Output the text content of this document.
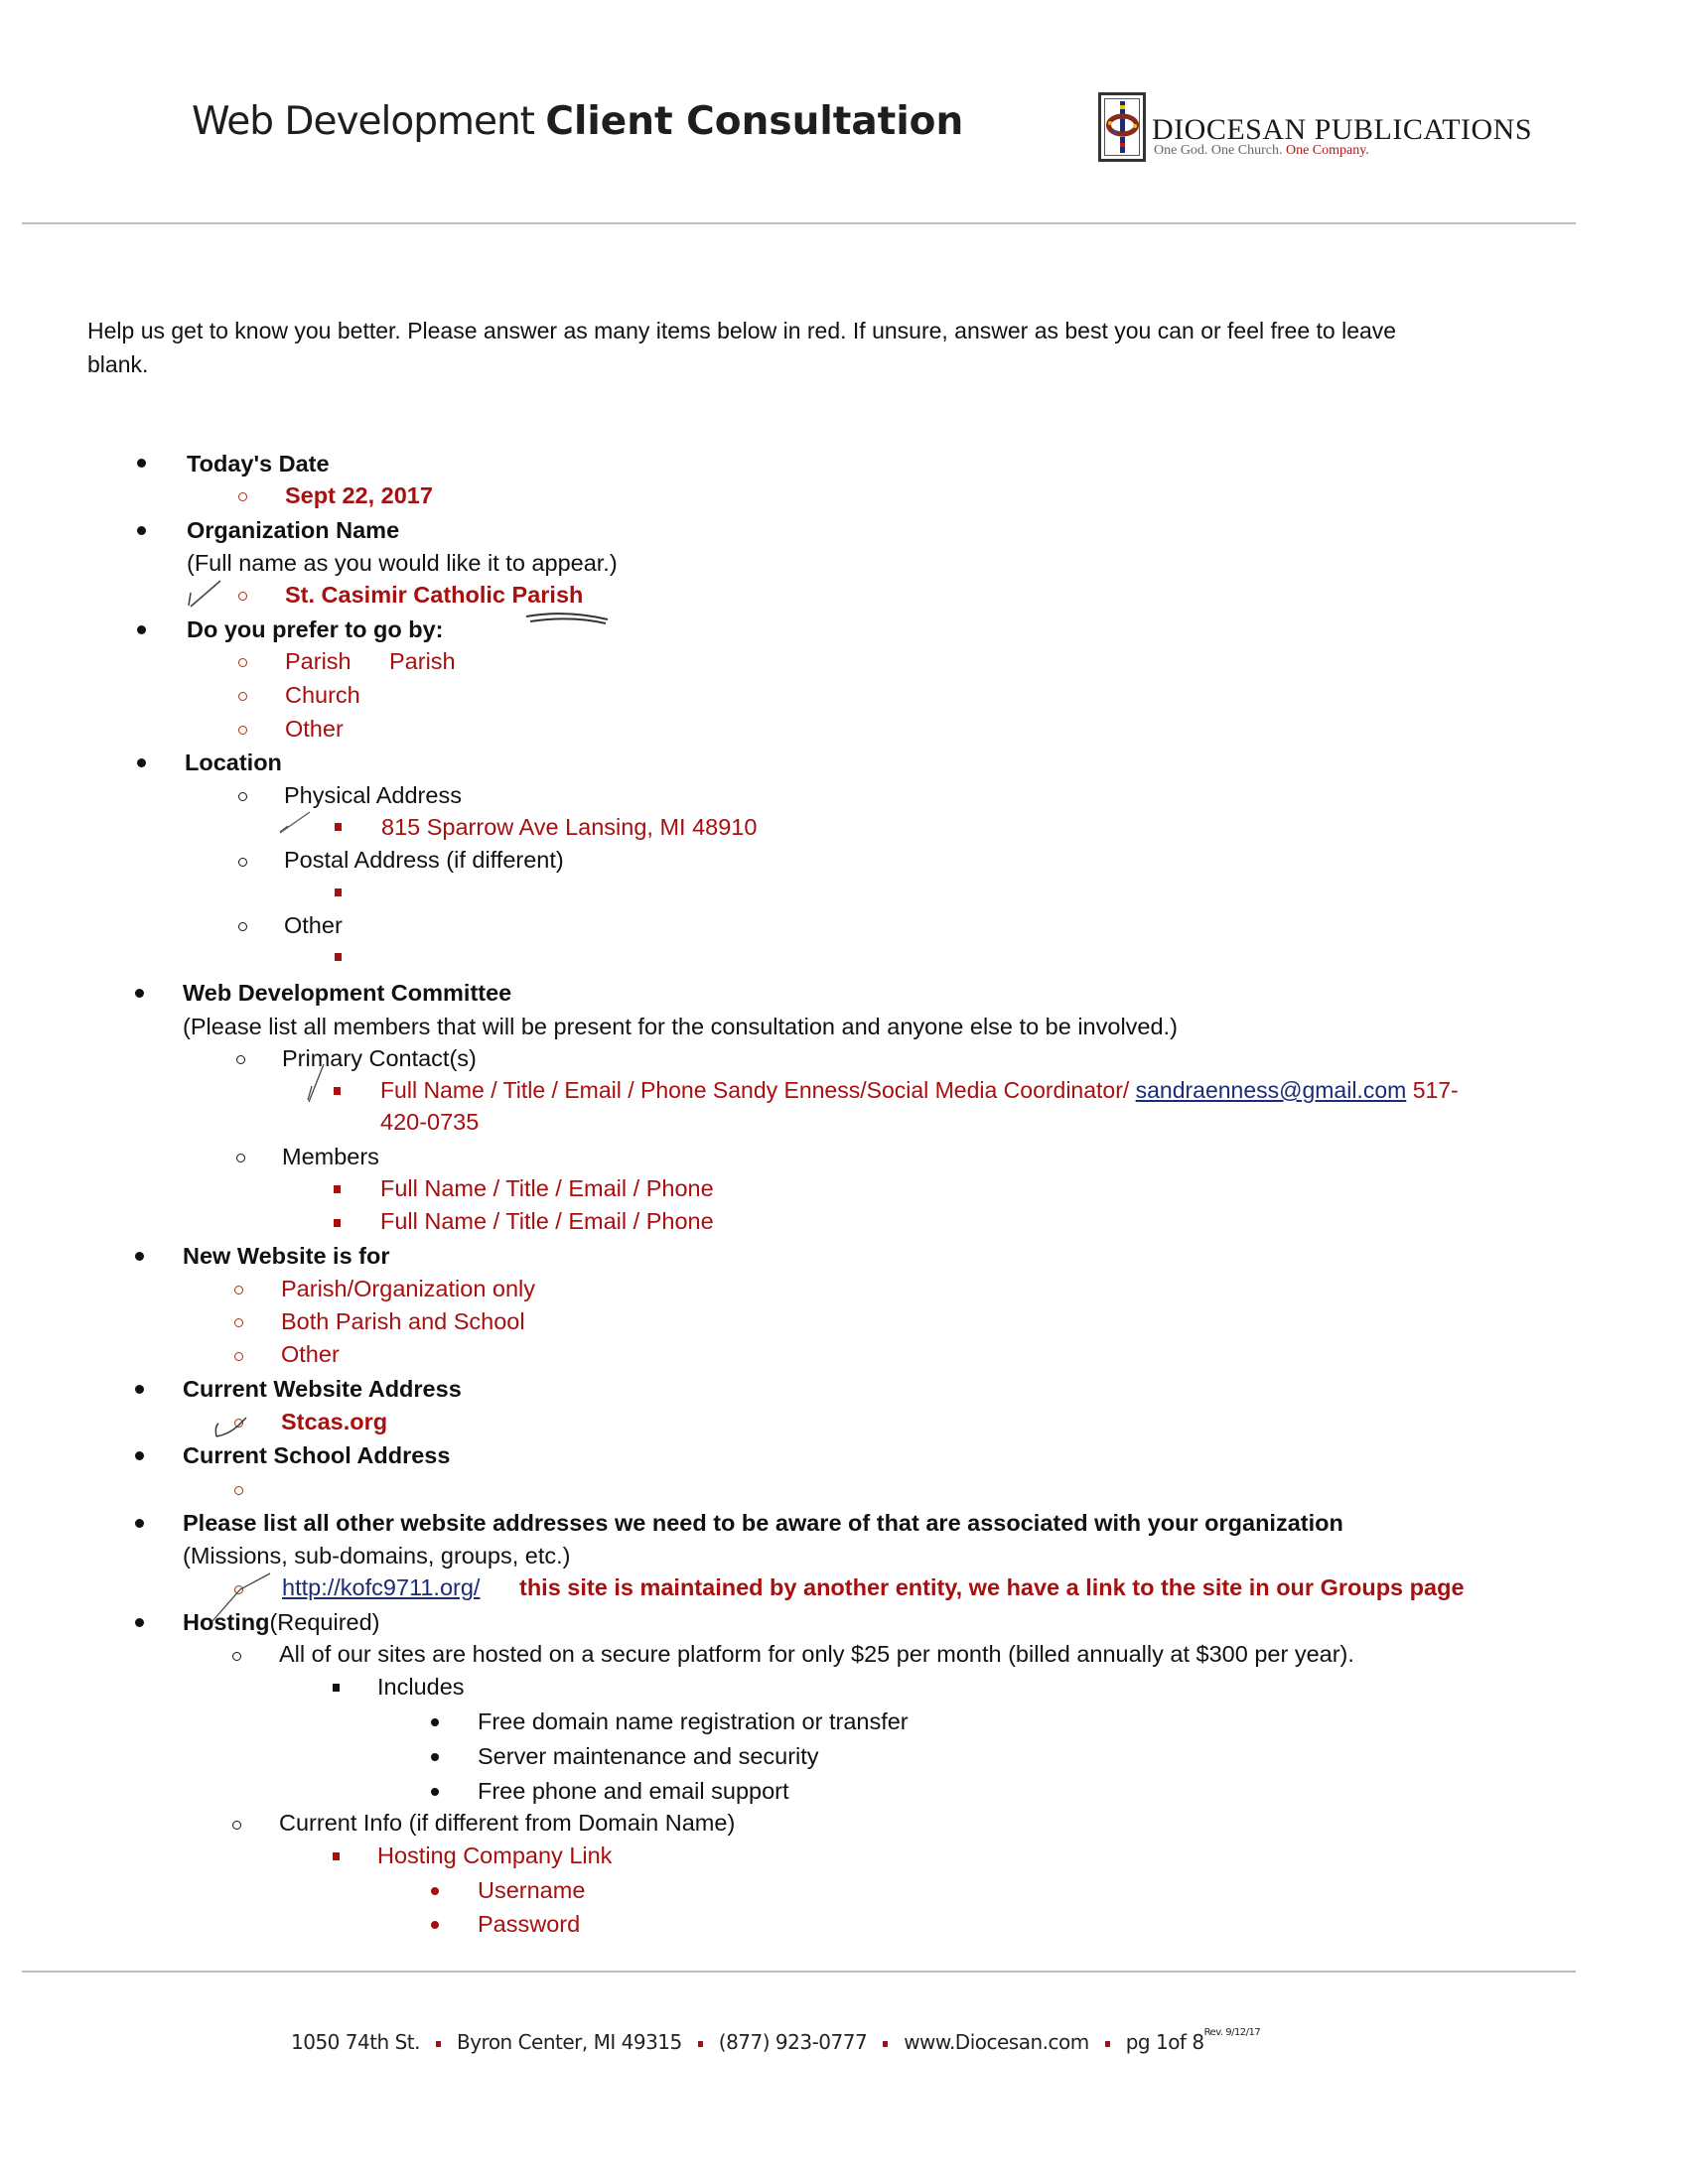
Web Development Client Consultation	DIOCESAN PUBLICATIONS
One God. One Church. One Company.
Help us get to know you better. Please answer as many items below in red. If unsure, answer as best you can or feel free to leave
blank.
Today's Date
Sept 22, 2017
Organization Name
(Full name as you would like it to appear.)
St. Casimir Catholic Parish
Do you prefer to go by:
Parish Parish
Church
Other
Location
Physical Address
815 Sparrow Ave Lansing, MI 48910
Postal Address (if different)
Other
Web Development Committee
(Please list all members that will be present for the consultation and anyone else to be involved.)
Primary Contact(s)
Full Name / Title / Email / Phone Sandy Enness/Social Media Coordinator/ sandraenness@gmail.com 517-
420-0735
Members
Full Name / Title / Email / Phone
Full Name / Title / Email / Phone
New Website is for
Parish/Organization only
Both Parish and School
Other
Current Website Address
Stcas.org
Current School Address
Please list all other website addresses we need to be aware of that are associated with your organization
(Missions, sub-domains, groups, etc.)
http://kofc9711.org/ this site is maintained by another entity, we have a link to the site in our Groups page
Hosting(Required)
All of our sites are hosted on a secure platform for only $25 per month (billed annually at $300 per year).
Includes
Free domain name registration or transfer
Server maintenance and security
Free phone and email support
Current Info (if different from Domain Name)
Hosting Company Link
Username
Password
1050 74th St. Byron Center, MI 49315 (877) 923-0777 www.Diocesan.com pg 1of $8^{Rev. 9/12/17}$
